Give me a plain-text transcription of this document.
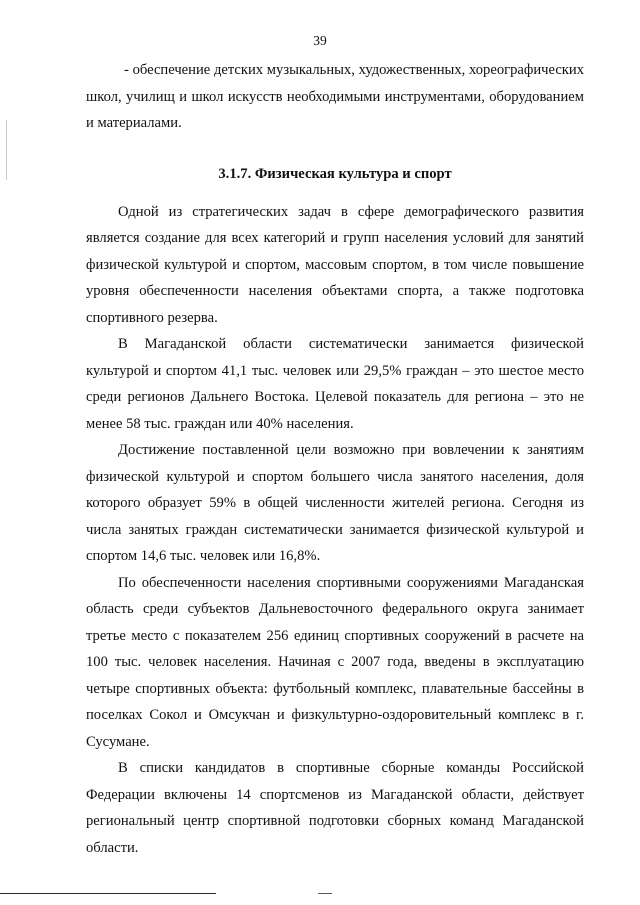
39

- обеспечение детских музыкальных, художественных, хореографических школ, училищ и школ искусств необходимыми инструментами, оборудованием и материалами.

3.1.7. Физическая культура и спорт

Одной из стратегических задач в сфере демографического развития является создание для всех категорий и групп населения условий для занятий физической культурой и спортом, массовым спортом, в том числе повышение уровня обеспеченности населения объектами спорта, а также подготовка спортивного резерва.

В Магаданской области систематически занимается физической культурой и спортом 41,1 тыс. человек или 29,5% граждан – это шестое место среди регионов Дальнего Востока. Целевой показатель для региона – это не менее 58 тыс. граждан или 40% населения.

Достижение поставленной цели возможно при вовлечении к занятиям физической культурой и спортом большего числа занятого населения, доля которого образует 59% в общей численности жителей региона. Сегодня из числа занятых граждан систематически занимается физической культурой и спортом 14,6 тыс. человек или 16,8%.

По обеспеченности населения спортивными сооружениями Магаданская область среди субъектов Дальневосточного федерального округа занимает третье место с показателем 256 единиц спортивных сооружений в расчете на 100 тыс. человек населения. Начиная с 2007 года, введены в эксплуатацию четыре спортивных объекта: футбольный комплекс, плавательные бассейны в поселках Сокол и Омсукчан и физкультурно-оздоровительный комплекс в г. Сусумане.

В списки кандидатов в спортивные сборные команды Российской Федерации включены 14 спортсменов из Магаданской области, действует региональный центр спортивной подготовки сборных команд Магаданской области.
